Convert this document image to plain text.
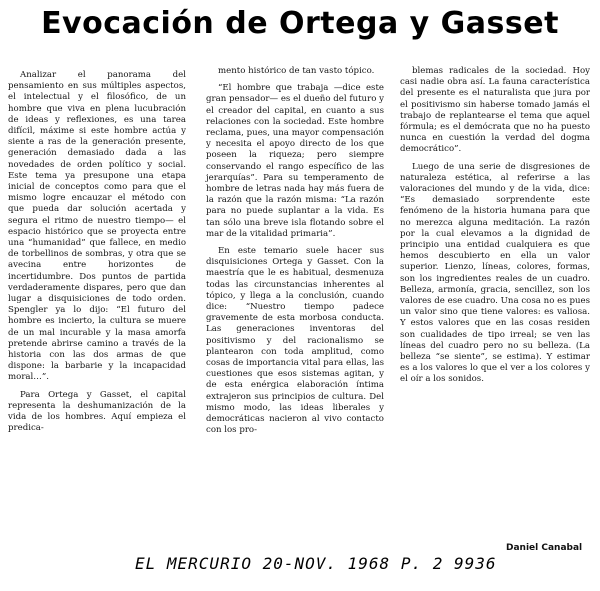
Evocación de Ortega y Gasset

Analizar el panorama del pensamiento en sus múltiples aspectos, el intelectual y el filosófico, de un hombre que viva en plena lucubración de ideas y reflexiones, es una tarea difícil, máxime si este hombre actúa y siente a ras de la generación presente, generación demasiado dada a las novedades de orden político y social. Este tema ya presupone una etapa inicial de conceptos como para que el mismo logre encauzar el método con que pueda dar solución acertada y segura el ritmo de nuestro tiempo— el espacio histórico que se proyecta entre una “humanidad” que fallece, en medio de torbellinos de sombras, y otra que se avecina entre horizontes de incertidumbre. Dos puntos de partida verdaderamente dispares, pero que dan lugar a disquisiciones de todo orden. Spengler ya lo dijo: “El futuro del hombre es incierto, la cultura se muere de un mal incurable y la masa amorfa pretende abrirse camino a través de la historia con las dos armas de que dispone: la barbarie y la incapacidad moral…”.

Para Ortega y Gasset, el capital representa la deshumanización de la vida de los hombres. Aquí empieza el predica-

mento histórico de tan vasto tópico.

“El hombre que trabaja —dice este gran pensador— es el dueño del futuro y el creador del capital, en cuanto a sus relaciones con la sociedad. Este hombre reclama, pues, una mayor compensación y necesita el apoyo directo de los que poseen la riqueza; pero siempre conservando el rango específico de las jerarquías”. Para su temperamento de hombre de letras nada hay más fuera de la razón que la razón misma: “La razón para no puede suplantar a la vida. Es tan sólo una breve isla flotando sobre el mar de la vitalidad primaria”.

En este temario suele hacer sus disquisiciones Ortega y Gasset. Con la maestría que le es habitual, desmenuza todas las circunstancias inherentes al tópico, y llega a la conclusión, cuando dice: “Nuestro tiempo padece gravemente de esta morbosa conducta. Las generaciones inventoras del positivismo y del racionalismo se plantearon con toda amplitud, como cosas de importancia vital para ellas, las cuestiones que esos sistemas agitan, y de esta enérgica elaboración íntima extrajeron sus principios de cultura. Del mismo modo, las ideas liberales y democráticas nacieron al vivo contacto con los pro-

blemas radicales de la sociedad. Hoy casi nadie obra así. La fauna característica del presente es el naturalista que jura por el positivismo sin haberse tomado jamás el trabajo de replantearse el tema que aquel fórmula; es el demócrata que no ha puesto nunca en cuestión la verdad del dogma democrático”.

Luego de una serie de disgresiones de naturaleza estética, al referirse a las valoraciones del mundo y de la vida, dice: “Es demasiado sorprendente este fenómeno de la historia humana para que no merezca alguna meditación. La razón por la cual elevamos a la dignidad de principio una entidad cualquiera es que hemos descubierto en ella un valor superior. Lienzo, líneas, colores, formas, son los ingredientes reales de un cuadro. Belleza, armonía, gracia, sencillez, son los valores de ese cuadro. Una cosa no es pues un valor sino que tiene valores: es valiosa. Y estos valores que en las cosas residen son cualidades de tipo irreal; se ven las líneas del cuadro pero no su belleza. (La belleza “se siente”, se estima). Y estimar es a los valores lo que el ver a los colores y el oír a los sonidos.

Daniel Canabal
EL MERCURIO 20-NOV. 1968 P. 2 9936
